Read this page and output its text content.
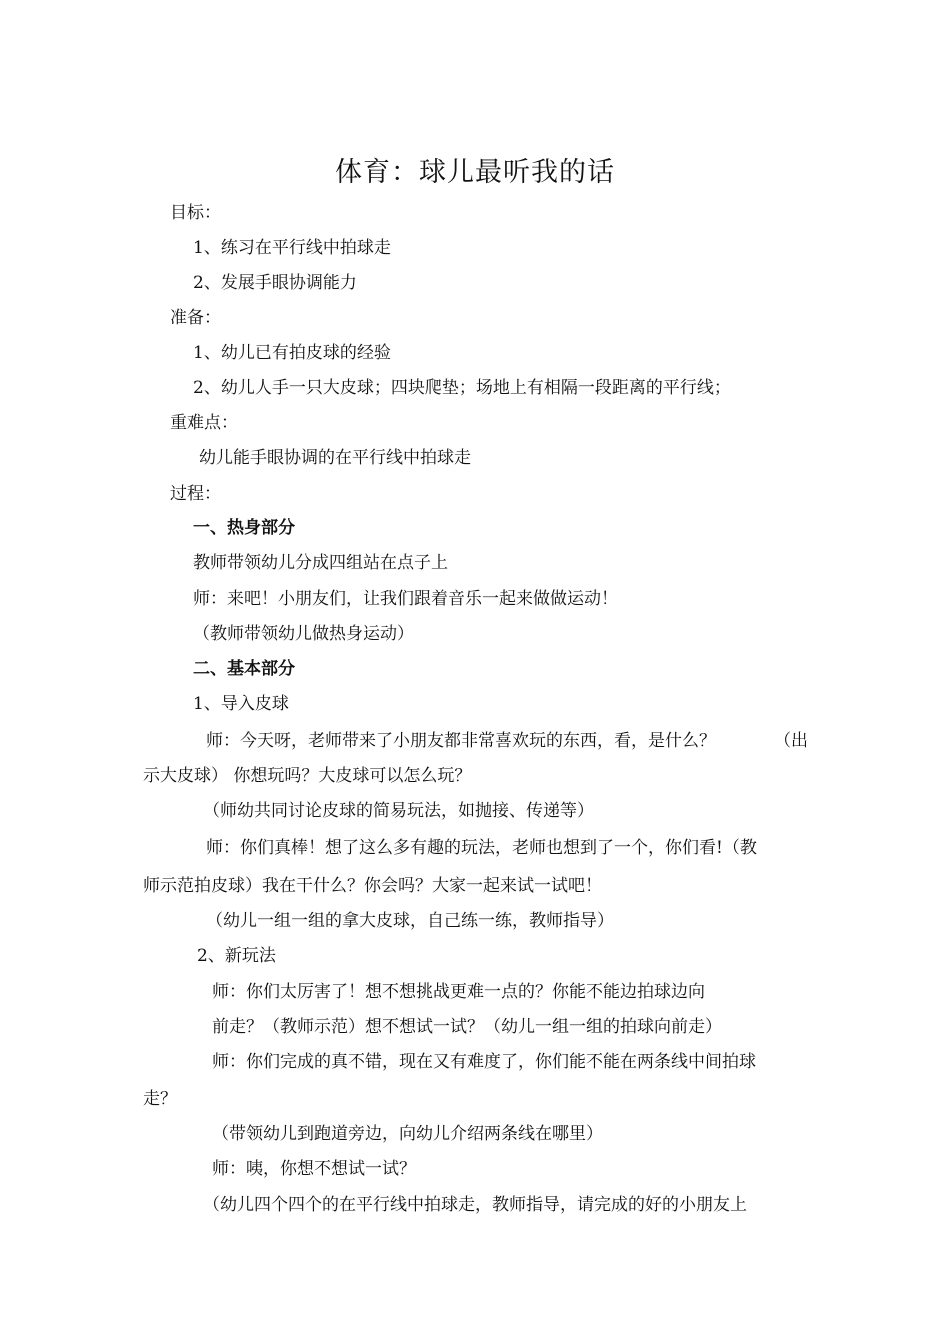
体育：球儿最听我的话
目标：
1、练习在平行线中拍球走
2、发展手眼协调能力
准备：
1、幼儿已有拍皮球的经验
2、幼儿人手一只大皮球；四块爬垫；场地上有相隔一段距离的平行线；
重难点：
幼儿能手眼协调的在平行线中拍球走
过程：
一、热身部分
教师带领幼儿分成四组站在点子上
师：来吧！小朋友们，让我们跟着音乐一起来做做运动！
（教师带领幼儿做热身运动）
二、基本部分
1、导入皮球
师：今天呀，老师带来了小朋友都非常喜欢玩的东西，看，是什么？	（出
示大皮球） 你想玩吗？大皮球可以怎么玩？
（师幼共同讨论皮球的简易玩法，如抛接、传递等）
师：你们真棒！想了这么多有趣的玩法，老师也想到了一个，你们看!（教
师示范拍皮球）我在干什么？你会吗？大家一起来试一试吧！
（幼儿一组一组的拿大皮球，自己练一练，教师指导）
2、新玩法
师：你们太厉害了！想不想挑战更难一点的？你能不能边拍球边向
前走？（教师示范）想不想试一试？（幼儿一组一组的拍球向前走）
师：你们完成的真不错，现在又有难度了，你们能不能在两条线中间拍球
走？
（带领幼儿到跑道旁边，向幼儿介绍两条线在哪里）
师：咦，你想不想试一试？
（幼儿四个四个的在平行线中拍球走，教师指导，请完成的好的小朋友上
